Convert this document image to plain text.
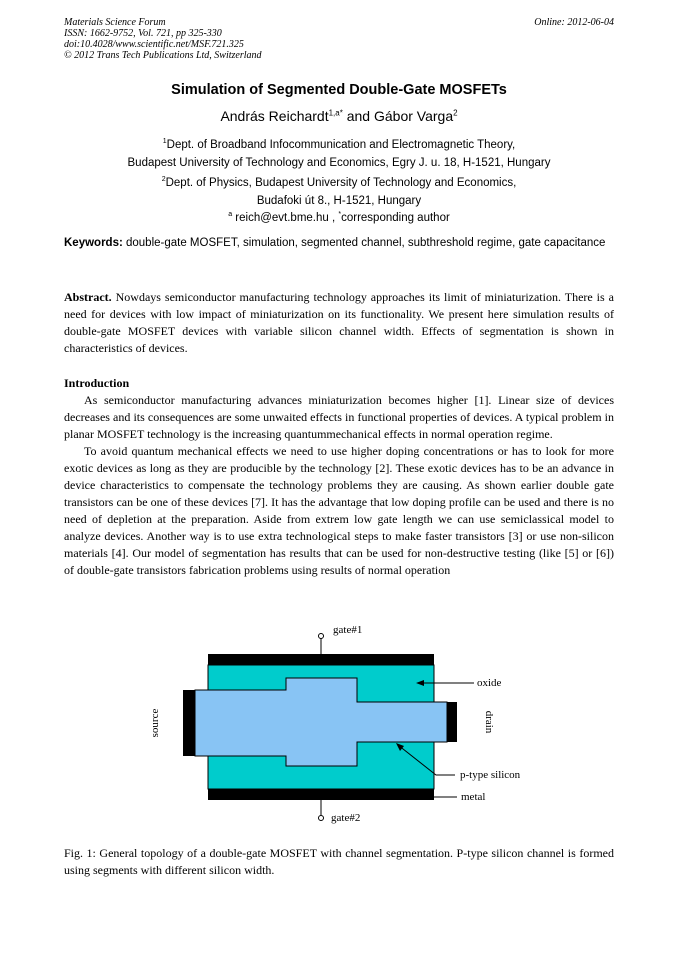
Materials Science Forum
ISSN: 1662-9752, Vol. 721, pp 325-330
doi:10.4028/www.scientific.net/MSF.721.325
© 2012 Trans Tech Publications Ltd, Switzerland
Online: 2012-06-04
Simulation of Segmented Double-Gate MOSFETs
András Reichardt$^{1,a*}$ and Gábor Varga$^2$
$^1$Dept. of Broadband Infocommunication and Electromagnetic Theory,
Budapest University of Technology and Economics, Egry J. u. 18, H-1521, Hungary
$^2$Dept. of Physics, Budapest University of Technology and Economics,
Budafoki út 8., H-1521, Hungary
$^a$ reich@evt.bme.hu , *corresponding author
Keywords: double-gate MOSFET, simulation, segmented channel, subthreshold regime, gate capacitance
Abstract. Nowdays semiconductor manufacturing technology approaches its limit of miniaturization. There is a need for devices with low impact of miniaturization on its functionality. We present here simulation results of double-gate MOSFET devices with variable silicon channel width. Effects of segmentation is shown in characteristics of devices.

Introduction

As semiconductor manufacturing advances miniaturization becomes higher [1]. Linear size of devices decreases and its consequences are some unwaited effects in functional properties of devices. A typical problem in planar MOSFET technology is the increasing quantummechanical effects in normal operation regime.

To avoid quantum mechanical effects we need to use higher doping concentrations or has to look for more exotic devices as long as they are producible by the technology [2]. These exotic devices has to be an advance in device characteristics to compensate the technology problems they are causing. As shown earlier double gate transistors can be one of these devices [7]. It has the advantage that low doping profile can be used and there is no need of depletion at the preparation. Aside from extrem low gate length we can use semiclassical model to analyze devices. Another way is to use extra technological steps to make faster transistors [3] or use non-silicon materials [4]. Our model of segmentation has results that can be used for non-destructive testing (like [5] or [6]) of double-gate transistors fabrication problems using results of normal operation

gate#1
source	drain
oxide
p-type silicon
metal
gate#2
Fig. 1: General topology of a double-gate MOSFET with channel segmentation. P-type silicon channel is formed using segments with different silicon width.
